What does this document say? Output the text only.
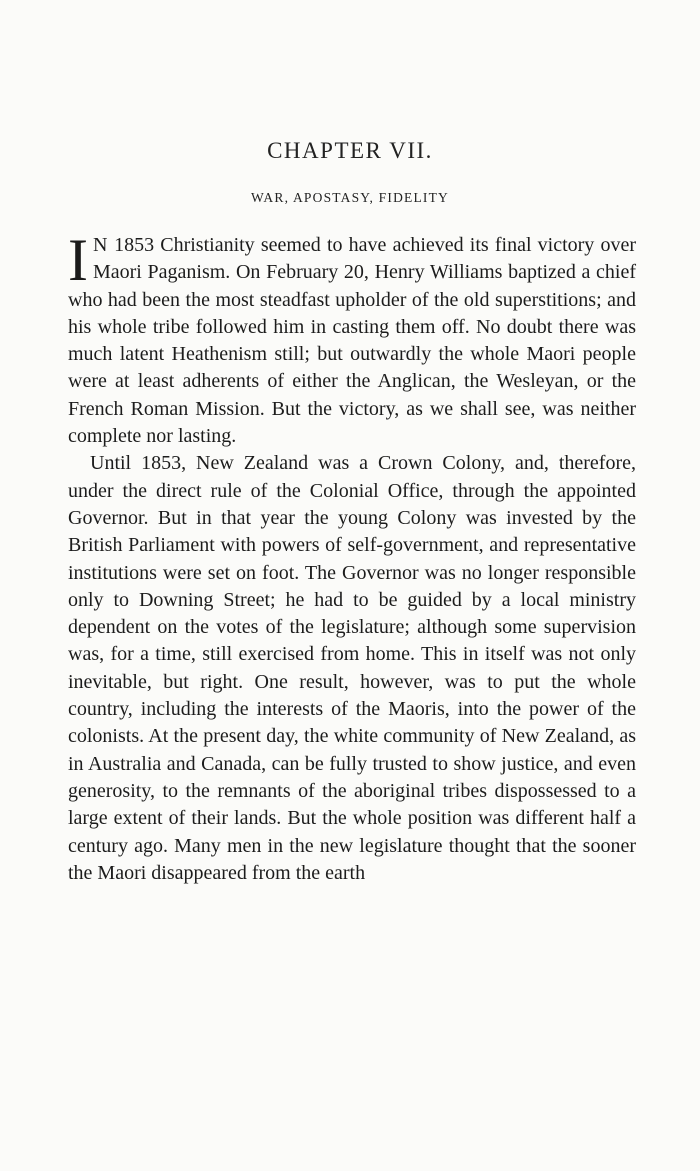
CHAPTER VII.
WAR, APOSTASY, FIDELITY

I N 1853 Christianity seemed to have achieved its final victory over Maori Paganism. On February 20, Henry Williams baptized a chief who had been the most steadfast upholder of the old superstitions; and his whole tribe followed him in casting them off. No doubt there was much latent Heathenism still; but outwardly the whole Maori people were at least adherents of either the Anglican, the Wesleyan, or the French Roman Mission. But the victory, as we shall see, was neither complete nor lasting.

Until 1853, New Zealand was a Crown Colony, and, therefore, under the direct rule of the Colonial Office, through the appointed Governor. But in that year the young Colony was invested by the British Parliament with powers of self-government, and representative institutions were set on foot. The Governor was no longer responsible only to Downing Street; he had to be guided by a local ministry dependent on the votes of the legislature; although some supervision was, for a time, still exercised from home. This in itself was not only inevitable, but right. One result, however, was to put the whole country, including the interests of the Maoris, into the power of the colonists. At the present day, the white community of New Zealand, as in Australia and Canada, can be fully trusted to show justice, and even generosity, to the remnants of the aboriginal tribes dispossessed to a large extent of their lands. But the whole position was different half a century ago. Many men in the new legislature thought that the sooner the Maori disappeared from the earth
